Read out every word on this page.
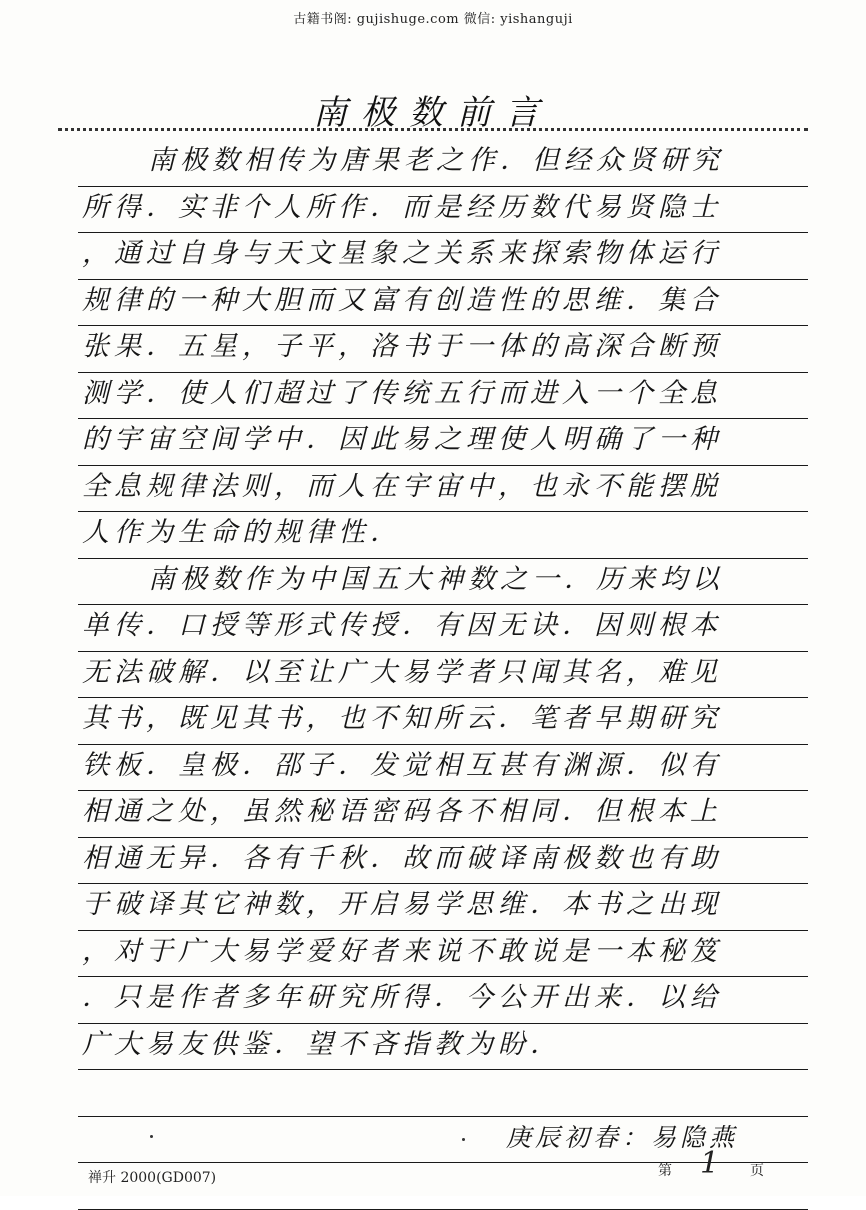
古籍书阁: gujishuge.com 微信: yishanguji
南极数前言
南极数相传为唐果老之作．但经众贤研究
所得．实非个人所作．而是经历数代易贤隐士
，通过自身与天文星象之关系来探索物体运行
规律的一种大胆而又富有创造性的思维．集合
张果．五星，子平，洛书于一体的高深合断预
测学．使人们超过了传统五行而进入一个全息
的宇宙空间学中．因此易之理使人明确了一种
全息规律法则，而人在宇宙中，也永不能摆脱
人作为生命的规律性．
南极数作为中国五大神数之一．历来均以
单传．口授等形式传授．有因无诀．因则根本
无法破解．以至让广大易学者只闻其名，难见
其书，既见其书，也不知所云．笔者早期研究
铁板．皇极．邵子．发觉相互甚有渊源．似有
相通之处，虽然秘语密码各不相同．但根本上
相通无异．各有千秋．故而破译南极数也有助
于破译其它神数，开启易学思维．本书之出现
，对于广大易学爱好者来说不敢说是一本秘笈
．只是作者多年研究所得．今公开出来．以给
广大易友供鉴．望不吝指教为盼．
庚辰初春：易隐燕
禅升 2000(GD007)	第 1 页
